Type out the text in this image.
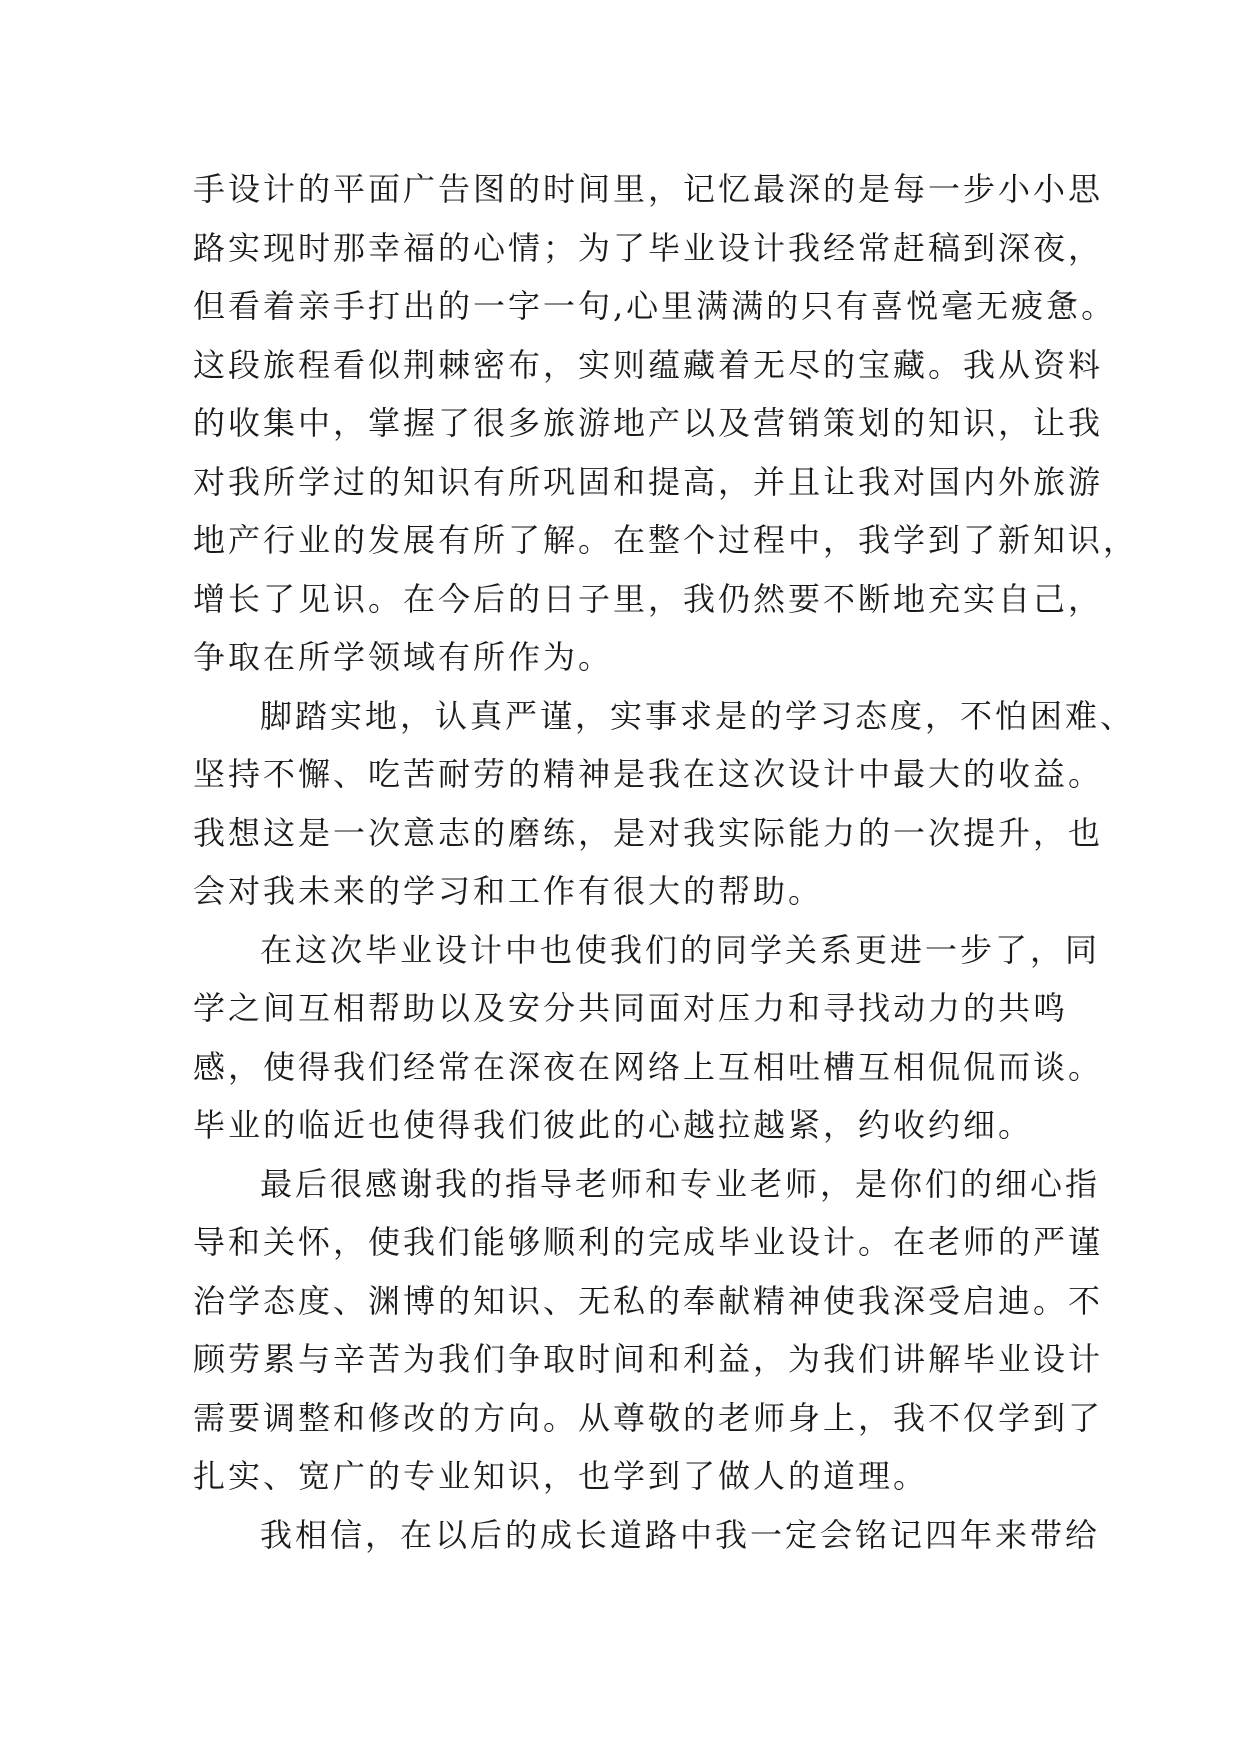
手设计的平面广告图的时间里，记忆最深的是每一步小小思
路实现时那幸福的心情；为了毕业设计我经常赶稿到深夜，
但看着亲手打出的一字一句,心里满满的只有喜悦毫无疲惫。
这段旅程看似荆棘密布，实则蕴藏着无尽的宝藏。我从资料
的收集中，掌握了很多旅游地产以及营销策划的知识，让我
对我所学过的知识有所巩固和提高，并且让我对国内外旅游
地产行业的发展有所了解。在整个过程中，我学到了新知识，
增长了见识。在今后的日子里，我仍然要不断地充实自己，
争取在所学领域有所作为。
脚踏实地，认真严谨，实事求是的学习态度，不怕困难、
坚持不懈、吃苦耐劳的精神是我在这次设计中最大的收益。
我想这是一次意志的磨练，是对我实际能力的一次提升，也
会对我未来的学习和工作有很大的帮助。
在这次毕业设计中也使我们的同学关系更进一步了，同
学之间互相帮助以及安分共同面对压力和寻找动力的共鸣
感，使得我们经常在深夜在网络上互相吐槽互相侃侃而谈。
毕业的临近也使得我们彼此的心越拉越紧，约收约细。
最后很感谢我的指导老师和专业老师，是你们的细心指
导和关怀，使我们能够顺利的完成毕业设计。在老师的严谨
治学态度、渊博的知识、无私的奉献精神使我深受启迪。不
顾劳累与辛苦为我们争取时间和利益，为我们讲解毕业设计
需要调整和修改的方向。从尊敬的老师身上，我不仅学到了
扎实、宽广的专业知识，也学到了做人的道理。
我相信，在以后的成长道路中我一定会铭记四年来带给
